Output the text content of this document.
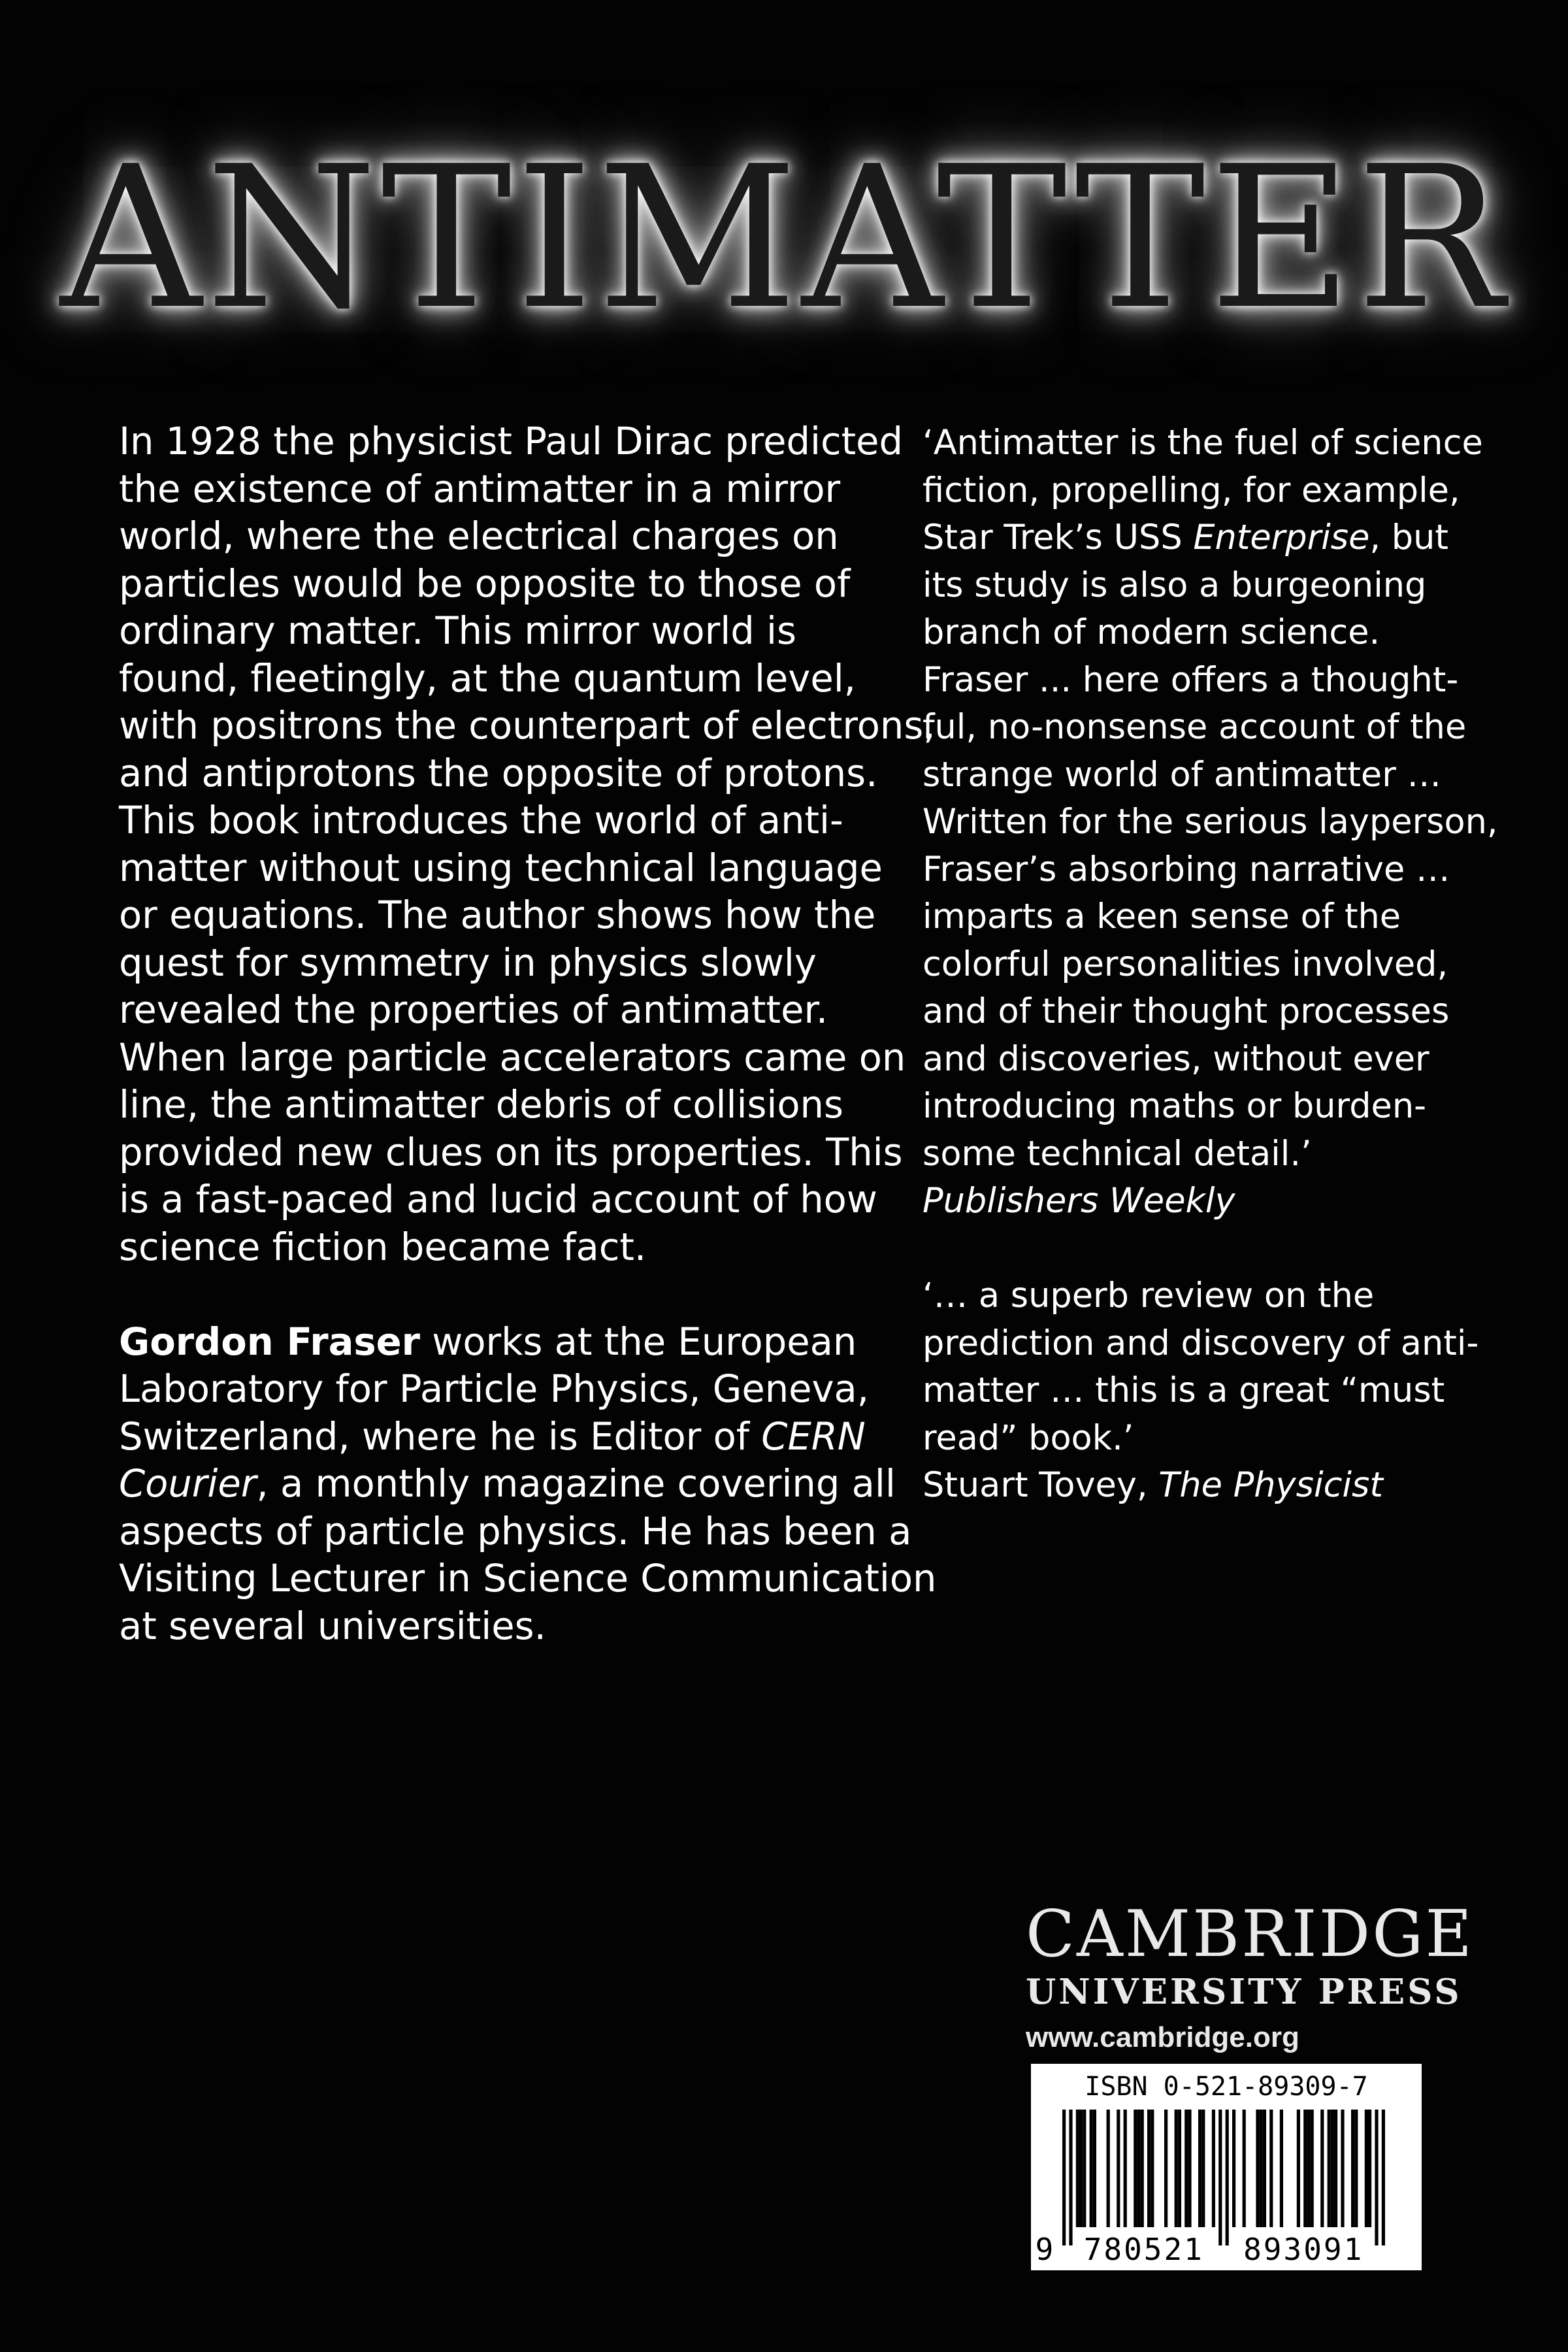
ANTIMATTER
In 1928 the physicist Paul Dirac predicted
the existence of antimatter in a mirror
world, where the electrical charges on
particles would be opposite to those of
ordinary matter. This mirror world is
found, fleetingly, at the quantum level,
with positrons the counterpart of electrons,
and antiprotons the opposite of protons.
This book introduces the world of anti-
matter without using technical language
or equations. The author shows how the
quest for symmetry in physics slowly
revealed the properties of antimatter.
When large particle accelerators came on
line, the antimatter debris of collisions
provided new clues on its properties. This
is a fast-paced and lucid account of how
science fiction became fact.
Gordon Fraser works at the European
Laboratory for Particle Physics, Geneva,
Switzerland, where he is Editor of CERN
Courier, a monthly magazine covering all
aspects of particle physics. He has been a
Visiting Lecturer in Science Communication
at several universities.
‘Antimatter is the fuel of science
fiction, propelling, for example,
Star Trek’s USS Enterprise, but
its study is also a burgeoning
branch of modern science.
Fraser ... here offers a thought-
ful, no-nonsense account of the
strange world of antimatter …
Written for the serious layperson,
Fraser’s absorbing narrative …
imparts a keen sense of the
colorful personalities involved,
and of their thought processes
and discoveries, without ever
introducing maths or burden-
some technical detail.’
Publishers Weekly
‘… a superb review on the
prediction and discovery of anti-
matter … this is a great “must
read” book.’
Stuart Tovey, The Physicist
CAMBRIDGE
UNIVERSITY PRESS
www.cambridge.org
9 780521 893091
ISBN 0-521-89309-7
